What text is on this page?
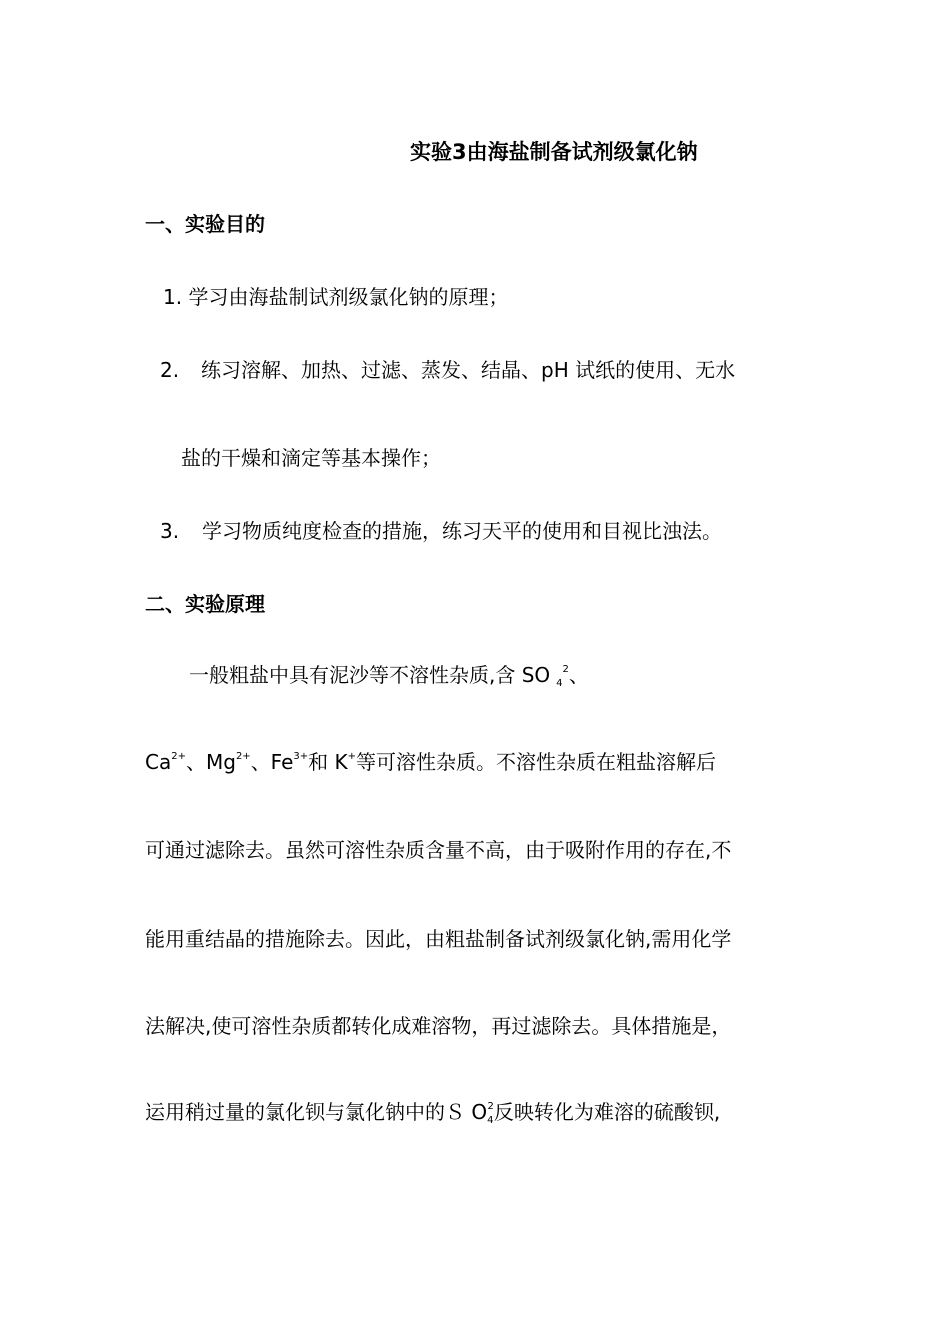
实验3由海盐制备试剂级氯化钠
一、实验目的
1. 学习由海盐制试剂级氯化钠的原理；
2. 练习溶解、加热、过滤、蒸发、结晶、pH 试纸的使用、无水
盐的干燥和滴定等基本操作；
3. 学习物质纯度检查的措施，练习天平的使用和目视比浊法。
二、实验原理
一般粗盐中具有泥沙等不溶性杂质,含 SO $_4^2$、
$Ca^{2+}$、$Mg^{2+}$、$Fe^{3+}$和 K+等可溶性杂质。不溶性杂质在粗盐溶解后
可通过滤除去。虽然可溶性杂质含量不高，由于吸附作用的存在,不
能用重结晶的措施除去。因此，由粗盐制备试剂级氯化钠,需用化学
法解决,使可溶性杂质都转化成难溶物，再过滤除去。具体措施是，
运用稍过量的氯化钡与氯化钠中的Ｓ $O_4^2$反映转化为难溶的硫酸钡,
